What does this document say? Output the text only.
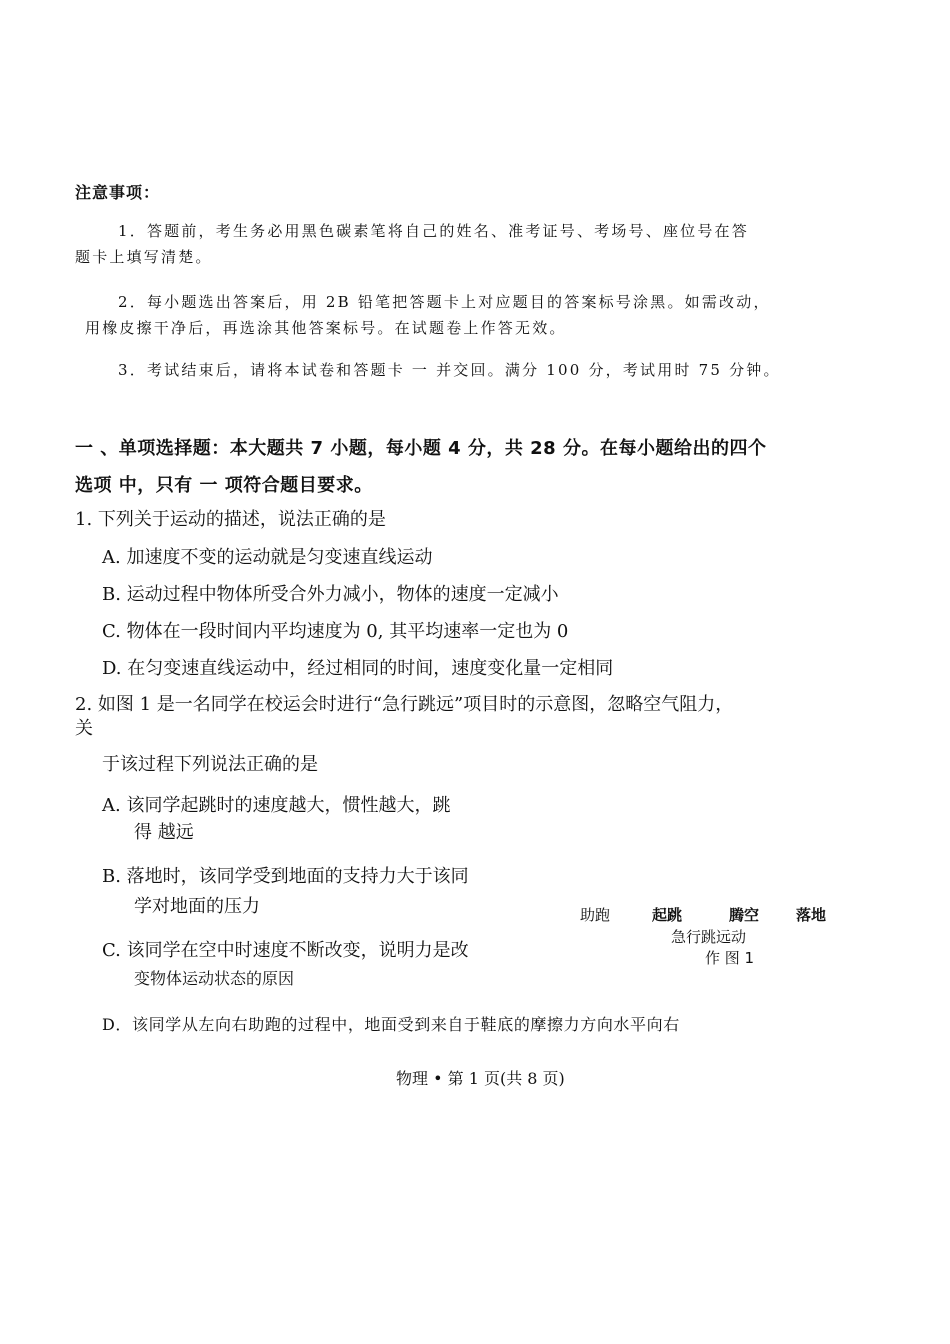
注意事项：
1．答题前，考生务必用黑色碳素笔将自己的姓名、准考证号、考场号、座位号在答
题卡上填写清楚。
2．每小题选出答案后，用 2B 铅笔把答题卡上对应题目的答案标号涂黑。如需改动，
用橡皮擦干净后，再选涂其他答案标号。在试题卷上作答无效。
3．考试结束后，请将本试卷和答题卡 一 并交回。满分 100 分，考试用时 75 分钟。
一 、单项选择题：本大题共 7 小题，每小题 4 分，共 28 分。在每小题给出的四个
选项 中，只有 一 项符合题目要求。
1. 下列关于运动的描述，说法正确的是
A. 加速度不变的运动就是匀变速直线运动
B. 运动过程中物体所受合外力减小，物体的速度一定减小
C. 物体在一段时间内平均速度为 0, 其平均速率一定也为 0
D. 在匀变速直线运动中，经过相同的时间，速度变化量一定相同
2. 如图 1 是一名同学在校运会时进行“急行跳远”项目时的示意图，忽略空气阻力，
关
于该过程下列说法正确的是
A. 该同学起跳时的速度越大，惯性越大，跳
得 越远
B. 落地时，该同学受到地面的支持力大于该同
学对地面的压力
C. 该同学在空中时速度不断改变，说明力是改
变物体运动状态的原因
D．该同学从左向右助跑的过程中，地面受到来自于鞋底的摩擦力方向水平向右
助跑	起跳	腾空 落地
急行跳远动
作 图 1
物理 • 第 1 页(共 8 页)
